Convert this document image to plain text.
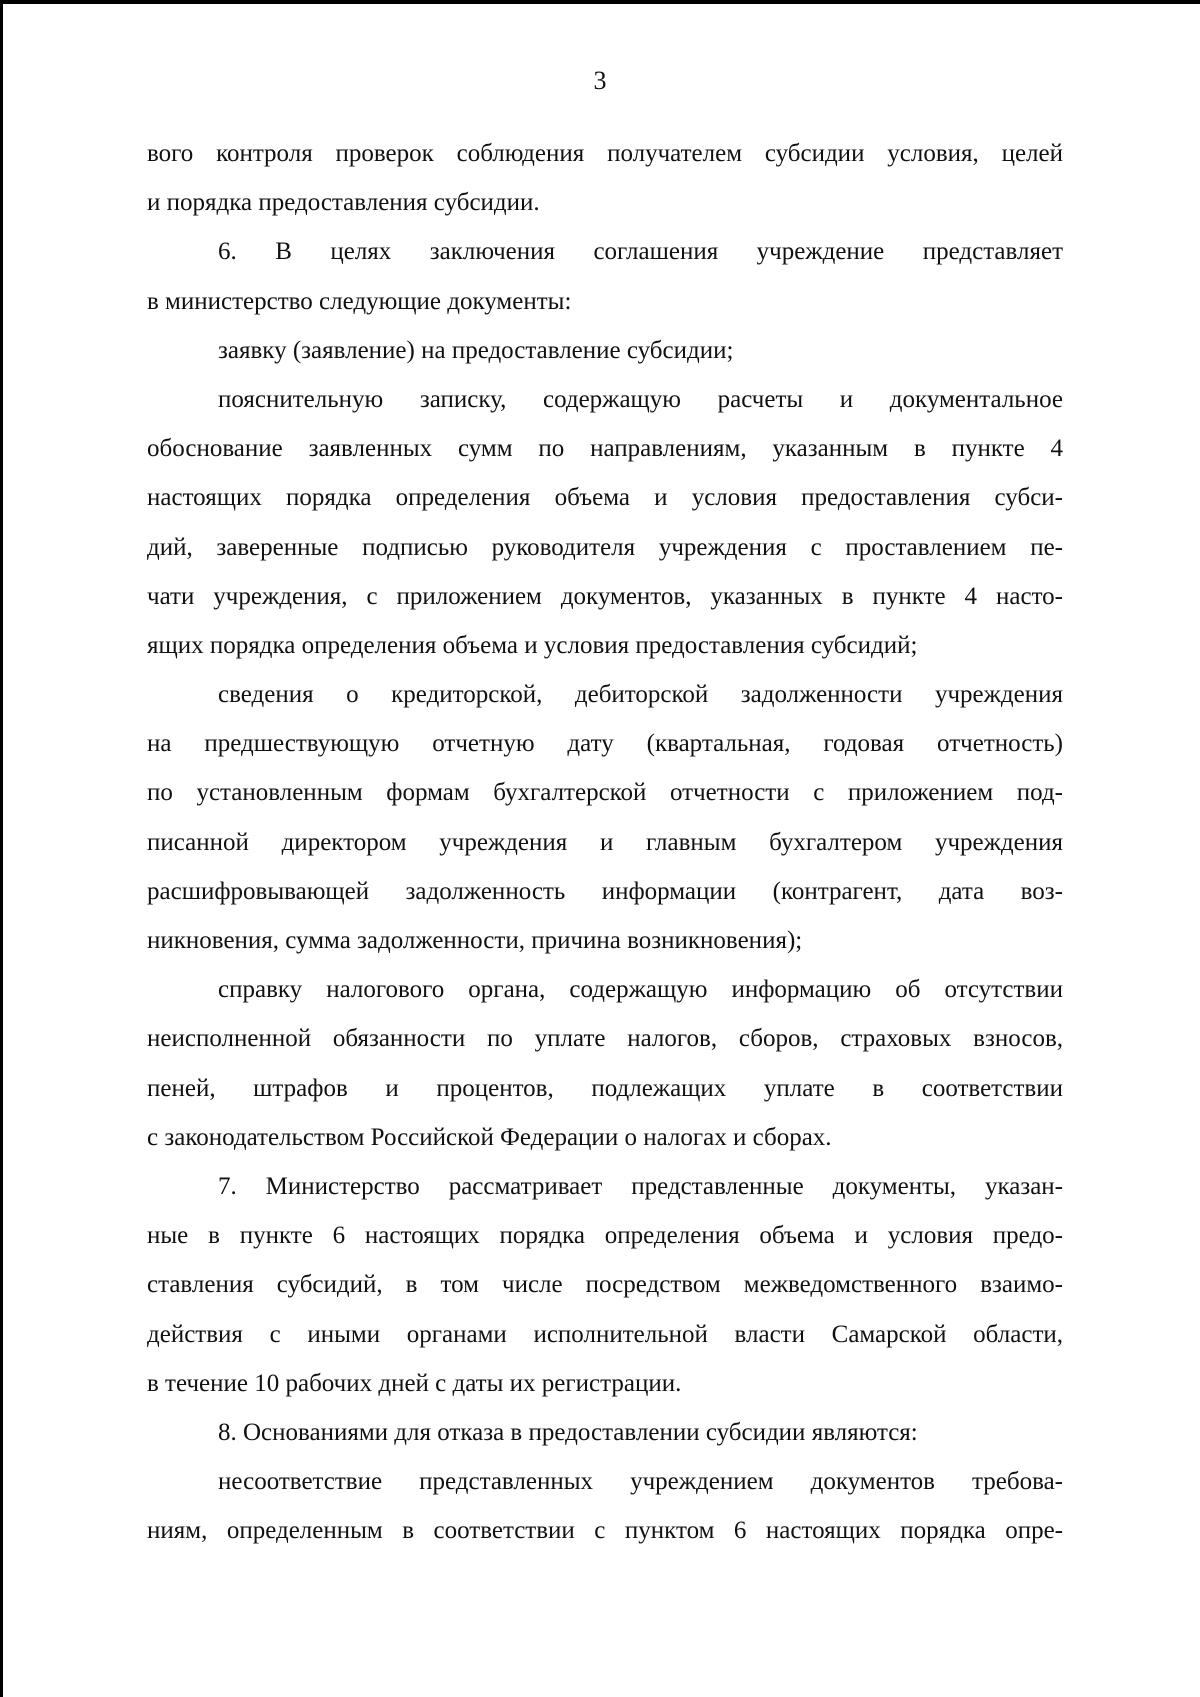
3
вого контроля проверок соблюдения получателем субсидии условия, целей
и порядка предоставления субсидии.
6. В целях заключения соглашения учреждение представляет
в министерство следующие документы:
заявку (заявление) на предоставление субсидии;
пояснительную записку, содержащую расчеты и документальное
обоснование заявленных сумм по направлениям, указанным в пункте 4
настоящих порядка определения объема и условия предоставления субси-
дий, заверенные подписью руководителя учреждения с проставлением пе-
чати учреждения, с приложением документов, указанных в пункте 4 насто-
ящих порядка определения объема и условия предоставления субсидий;
сведения о кредиторской, дебиторской задолженности учреждения
на предшествующую отчетную дату (квартальная, годовая отчетность)
по установленным формам бухгалтерской отчетности с приложением под-
писанной директором учреждения и главным бухгалтером учреждения
расшифровывающей задолженность информации (контрагент, дата воз-
никновения, сумма задолженности, причина возникновения);
справку налогового органа, содержащую информацию об отсутствии
неисполненной обязанности по уплате налогов, сборов, страховых взносов,
пеней, штрафов и процентов, подлежащих уплате в соответствии
с законодательством Российской Федерации о налогах и сборах.
7. Министерство рассматривает представленные документы, указан-
ные в пункте 6 настоящих порядка определения объема и условия предо-
ставления субсидий, в том числе посредством межведомственного взаимо-
действия с иными органами исполнительной власти Самарской области,
в течение 10 рабочих дней с даты их регистрации.
8. Основаниями для отказа в предоставлении субсидии являются:
несоответствие представленных учреждением документов требова-
ниям, определенным в соответствии с пунктом 6 настоящих порядка опре-
